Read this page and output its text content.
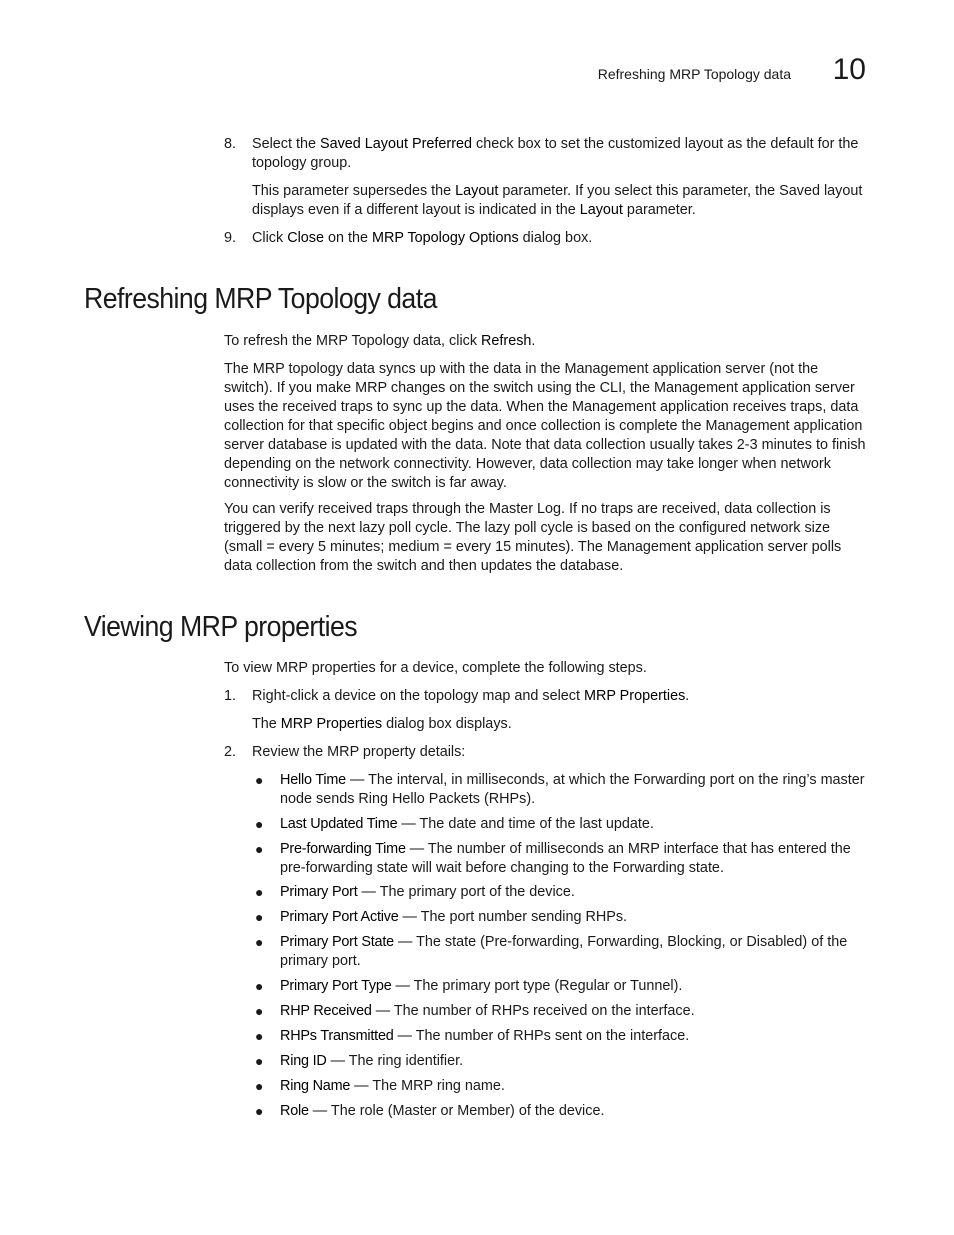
Refreshing MRP Topology data 10
8. Select the Saved Layout Preferred check box to set the customized layout as the default for the topology group.
This parameter supersedes the Layout parameter. If you select this parameter, the Saved layout displays even if a different layout is indicated in the Layout parameter.
9. Click Close on the MRP Topology Options dialog box.
Refreshing MRP Topology data
To refresh the MRP Topology data, click Refresh.
The MRP topology data syncs up with the data in the Management application server (not the switch). If you make MRP changes on the switch using the CLI, the Management application server uses the received traps to sync up the data. When the Management application receives traps, data collection for that specific object begins and once collection is complete the Management application server database is updated with the data. Note that data collection usually takes 2-3 minutes to finish depending on the network connectivity. However, data collection may take longer when network connectivity is slow or the switch is far away.
You can verify received traps through the Master Log. If no traps are received, data collection is triggered by the next lazy poll cycle. The lazy poll cycle is based on the configured network size (small = every 5 minutes; medium = every 15 minutes). The Management application server polls data collection from the switch and then updates the database.
Viewing MRP properties
To view MRP properties for a device, complete the following steps.
1. Right-click a device on the topology map and select MRP Properties.
The MRP Properties dialog box displays.
2. Review the MRP property details:
● Hello Time — The interval, in milliseconds, at which the Forwarding port on the ring’s master node sends Ring Hello Packets (RHPs).
● Last Updated Time — The date and time of the last update.
● Pre-forwarding Time — The number of milliseconds an MRP interface that has entered the pre-forwarding state will wait before changing to the Forwarding state.
● Primary Port — The primary port of the device.
● Primary Port Active — The port number sending RHPs.
● Primary Port State — The state (Pre-forwarding, Forwarding, Blocking, or Disabled) of the primary port.
● Primary Port Type — The primary port type (Regular or Tunnel).
● RHP Received — The number of RHPs received on the interface.
● RHPs Transmitted — The number of RHPs sent on the interface.
● Ring ID — The ring identifier.
● Ring Name — The MRP ring name.
● Role — The role (Master or Member) of the device.
